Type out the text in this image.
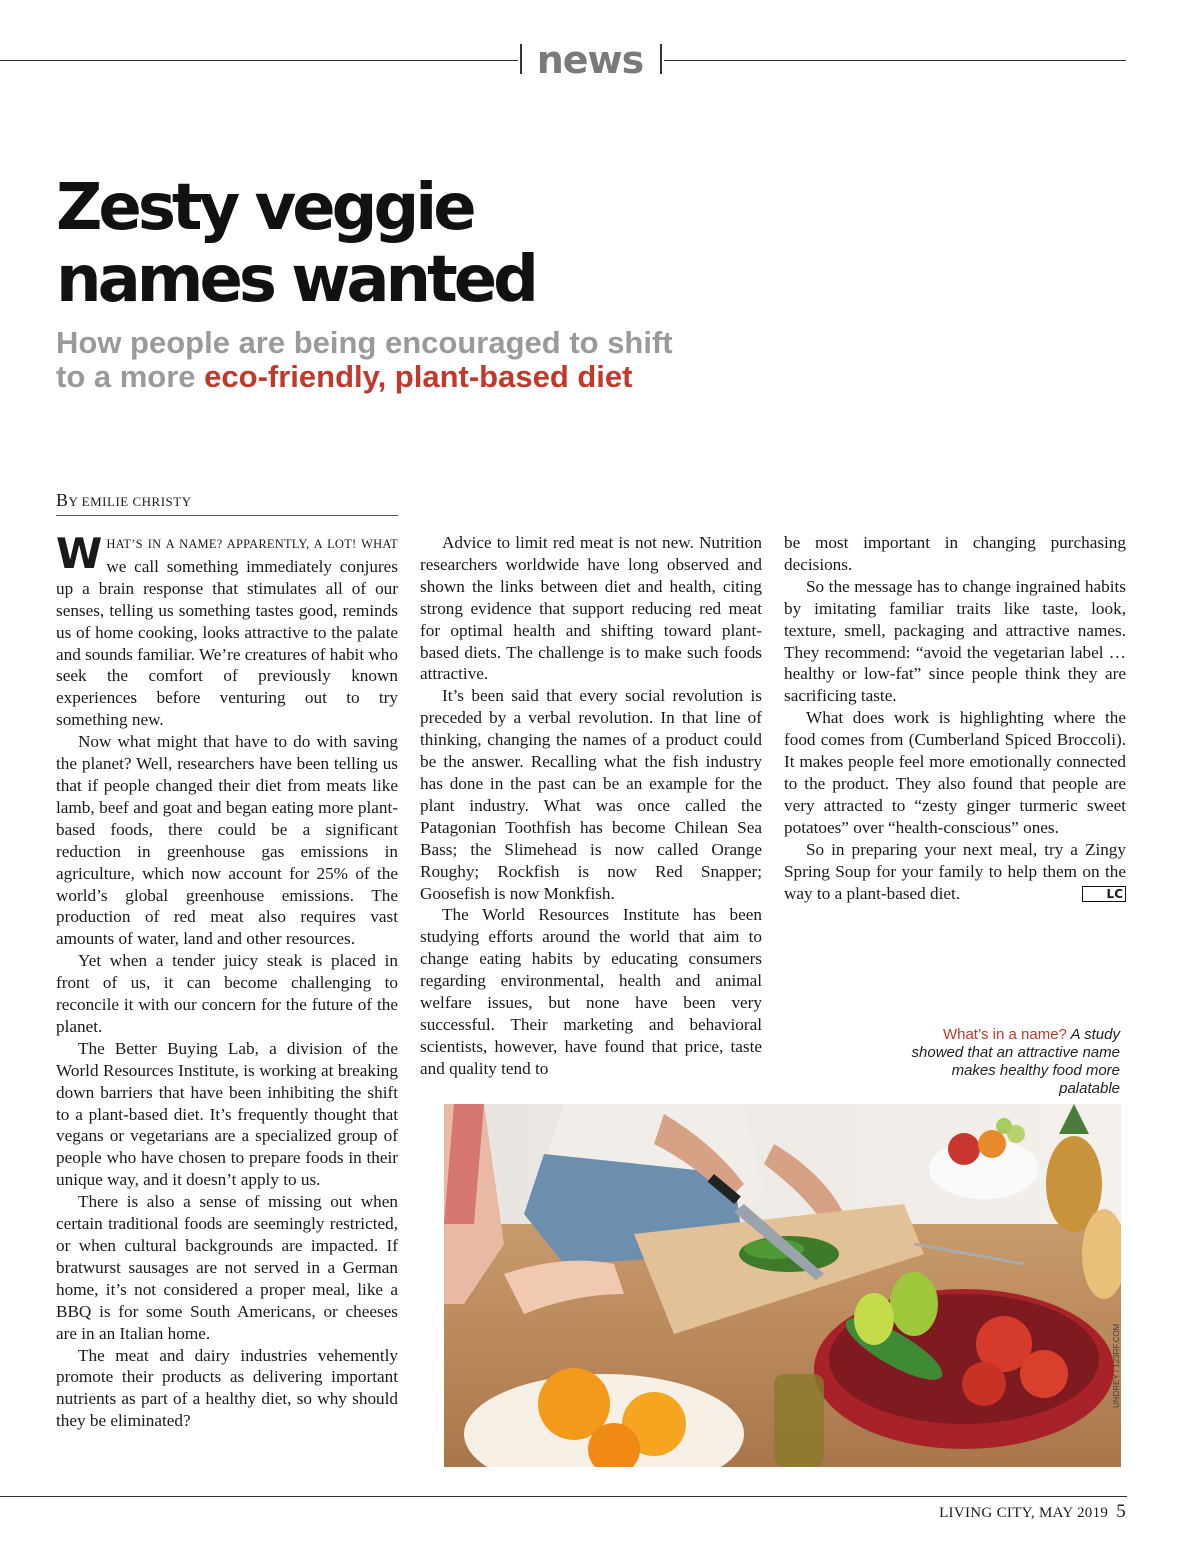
news
Zesty veggie
names wanted
How people are being encouraged to shift
to a more eco-friendly, plant-based diet
BY EMILIE CHRISTY

WHAT’S IN A NAME? APPARENTLY, A LOT! WHAT we call something immediately conjures up a brain response that stimulates all of our senses, telling us something tastes good, reminds us of home cooking, looks attractive to the palate and sounds familiar. We’re creatures of habit who seek the comfort of previously known experiences before venturing out to try something new.

Now what might that have to do with saving the planet? Well, researchers have been telling us that if people changed their diet from meats like lamb, beef and goat and began eating more plant-based foods, there could be a significant reduction in greenhouse gas emissions in agriculture, which now account for 25% of the world’s global greenhouse emissions. The production of red meat also requires vast amounts of water, land and other resources.

Yet when a tender juicy steak is placed in front of us, it can become challenging to reconcile it with our concern for the future of the planet.

The Better Buying Lab, a division of the World Resources Institute, is working at breaking down barriers that have been inhibiting the shift to a plant-based diet. It’s frequently thought that vegans or vegetarians are a specialized group of people who have chosen to prepare foods in their unique way, and it doesn’t apply to us.

There is also a sense of missing out when certain traditional foods are seemingly restricted, or when cultural backgrounds are impacted. If bratwurst sausages are not served in a German home, it’s not considered a proper meal, like a BBQ is for some South Americans, or cheeses are in an Italian home.

The meat and dairy industries vehemently promote their products as delivering important nutrients as part of a healthy diet, so why should they be eliminated?

Advice to limit red meat is not new. Nutrition researchers worldwide have long observed and shown the links between diet and health, citing strong evidence that support reducing red meat for optimal health and shifting toward plant-based diets. The challenge is to make such foods attractive.

It’s been said that every social revolution is preceded by a verbal revolution. In that line of thinking, changing the names of a product could be the answer. Recalling what the fish industry has done in the past can be an example for the plant industry. What was once called the Patagonian Toothfish has become Chilean Sea Bass; the Slimehead is now called Orange Roughy; Rockfish is now Red Snapper; Goosefish is now Monkfish.

The World Resources Institute has been studying efforts around the world that aim to change eating habits by educating consumers regarding environmental, health and animal welfare issues, but none have been very successful. Their marketing and behavioral scientists, however, have found that price, taste and quality tend to

be most important in changing purchasing decisions.

So the message has to change ingrained habits by imitating familiar traits like taste, look, texture, smell, packaging and attractive names. They recommend: “avoid the vegetarian label … healthy or low-fat” since people think they are sacrificing taste.

What does work is highlighting where the food comes from (Cumberland Spiced Broccoli). It makes people feel more emotionally connected to the product. They also found that people are very attracted to “zesty ginger turmeric sweet potatoes” over “health-conscious” ones.

So in preparing your next meal, try a Zingy Spring Soup for your family to help them on the way to a plant-based diet.	LC

What’s in a name? A study showed that an attractive name makes healthy food more palatable
UNDREY / 123RF.COM
LIVING CITY, MAY 2019 5
